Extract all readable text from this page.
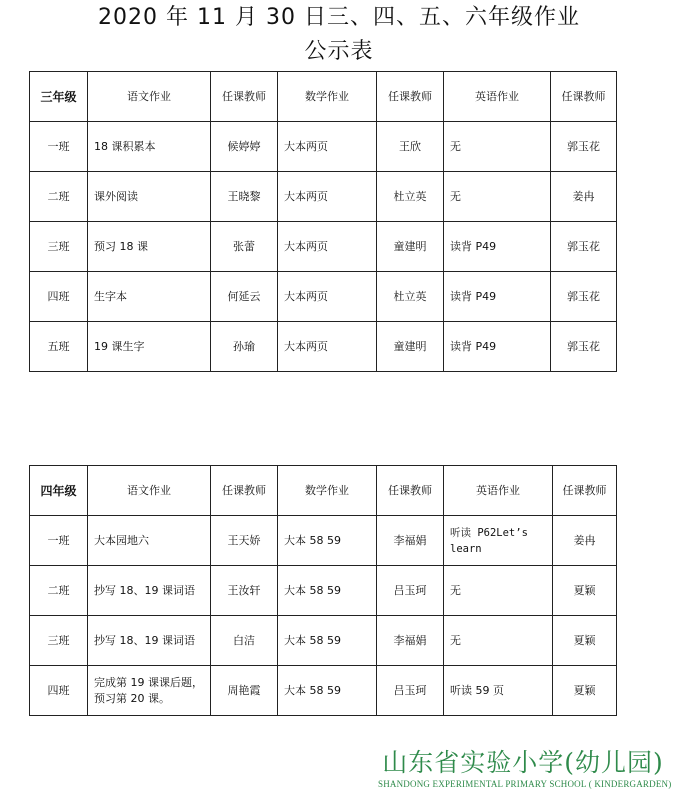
2020 年 11 月 30 日三、四、五、六年级作业
公示表
三年级	语文作业	任课教师	数学作业	任课教师	英语作业	任课教师
一班	18 课积累本	候婷婷	大本两页	王欣	无	郭玉花
二班	课外阅读	王晓黎	大本两页	杜立英	无	姜冉
三班	预习 18 课	张蕾	大本两页	童建明	读背 P49	郭玉花
四班	生字本	何延云	大本两页	杜立英	读背 P49	郭玉花
五班	19 课生字	孙瑜	大本两页	童建明	读背 P49	郭玉花
四年级	语文作业	任课教师	数学作业	任课教师	英语作业	任课教师
一班	大本园地六	王天娇	大本 58 59	李福娟	听读 P62Let’s learn	姜冉
二班	抄写 18、19 课词语	王汝轩	大本 58 59	吕玉珂	无	夏颖
三班	抄写 18、19 课词语	白洁	大本 58 59	李福娟	无	夏颖
四班	完成第 19 课课后题，预习第 20 课。	周艳霞	大本 58 59	吕玉珂	听读 59 页	夏颖
山东省实验小学(幼儿园)
SHANDONG EXPERIMENTAL PRIMARY SCHOOL ( KINDERGARDEN)
